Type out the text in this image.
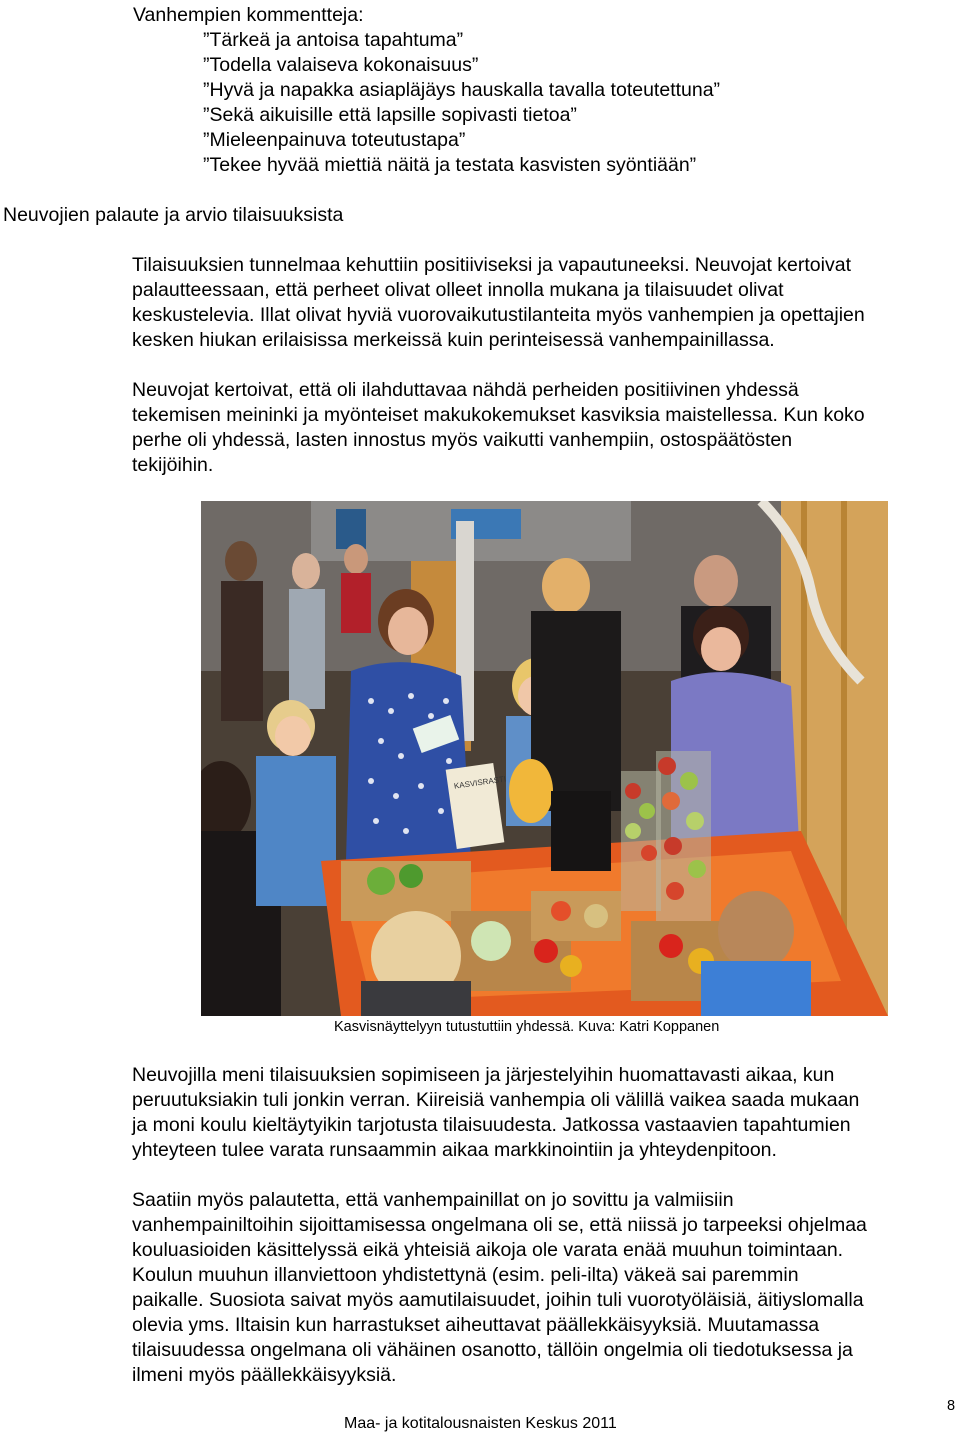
Vanhempien kommentteja:
”Tärkeä ja antoisa tapahtuma”
”Todella valaiseva kokonaisuus”
”Hyvä ja napakka asiapläjäys hauskalla tavalla toteutettuna”
”Sekä aikuisille että lapsille sopivasti tietoa”
”Mieleenpainuva toteutustapa”
”Tekee hyvää miettiä näitä ja testata kasvisten syöntiään”
Neuvojien palaute ja arvio tilaisuuksista
Tilaisuuksien tunnelmaa kehuttiin positiiviseksi ja vapautuneeksi. Neuvojat kertoivat
palautteessaan, että perheet olivat olleet innolla mukana ja tilaisuudet olivat
keskustelevia. Illat olivat hyviä vuorovaikutustilanteita myös vanhempien ja opettajien
kesken hiukan erilaisissa merkeissä kuin perinteisessä vanhempainillassa.
Neuvojat kertoivat, että oli ilahduttavaa nähdä perheiden positiivinen yhdessä
tekemisen meininki ja myönteiset makukokemukset kasviksia maistellessa. Kun koko
perhe oli yhdessä, lasten innostus myös vaikutti vanhempiin, ostospäätösten
tekijöihin.
KASVISRASTI
Kasvisnäyttelyyn tutustuttiin yhdessä. Kuva: Katri Koppanen
Neuvojilla meni tilaisuuksien sopimiseen ja järjestelyihin huomattavasti aikaa, kun
peruutuksiakin tuli jonkin verran. Kiireisiä vanhempia oli välillä vaikea saada mukaan
ja moni koulu kieltäytyikin tarjotusta tilaisuudesta. Jatkossa vastaavien tapahtumien
yhteyteen tulee varata runsaammin aikaa markkinointiin ja yhteydenpitoon.
Saatiin myös palautetta, että vanhempainillat on jo sovittu ja valmiisiin
vanhempainiltoihin sijoittamisessa ongelmana oli se, että niissä jo tarpeeksi ohjelmaa
kouluasioiden käsittelyssä eikä yhteisiä aikoja ole varata enää muuhun toimintaan.
Koulun muuhun illanviettoon yhdistettynä (esim. peli-ilta) väkeä sai paremmin
paikalle. Suosiota saivat myös aamutilaisuudet, joihin tuli vuorotyöläisiä, äitiyslomalla
olevia yms. Iltaisin kun harrastukset aiheuttavat päällekkäisyyksiä. Muutamassa
tilaisuudessa ongelmana oli vähäinen osanotto, tällöin ongelmia oli tiedotuksessa ja
ilmeni myös päällekkäisyyksiä.
8
Maa- ja kotitalousnaisten Keskus 2011
